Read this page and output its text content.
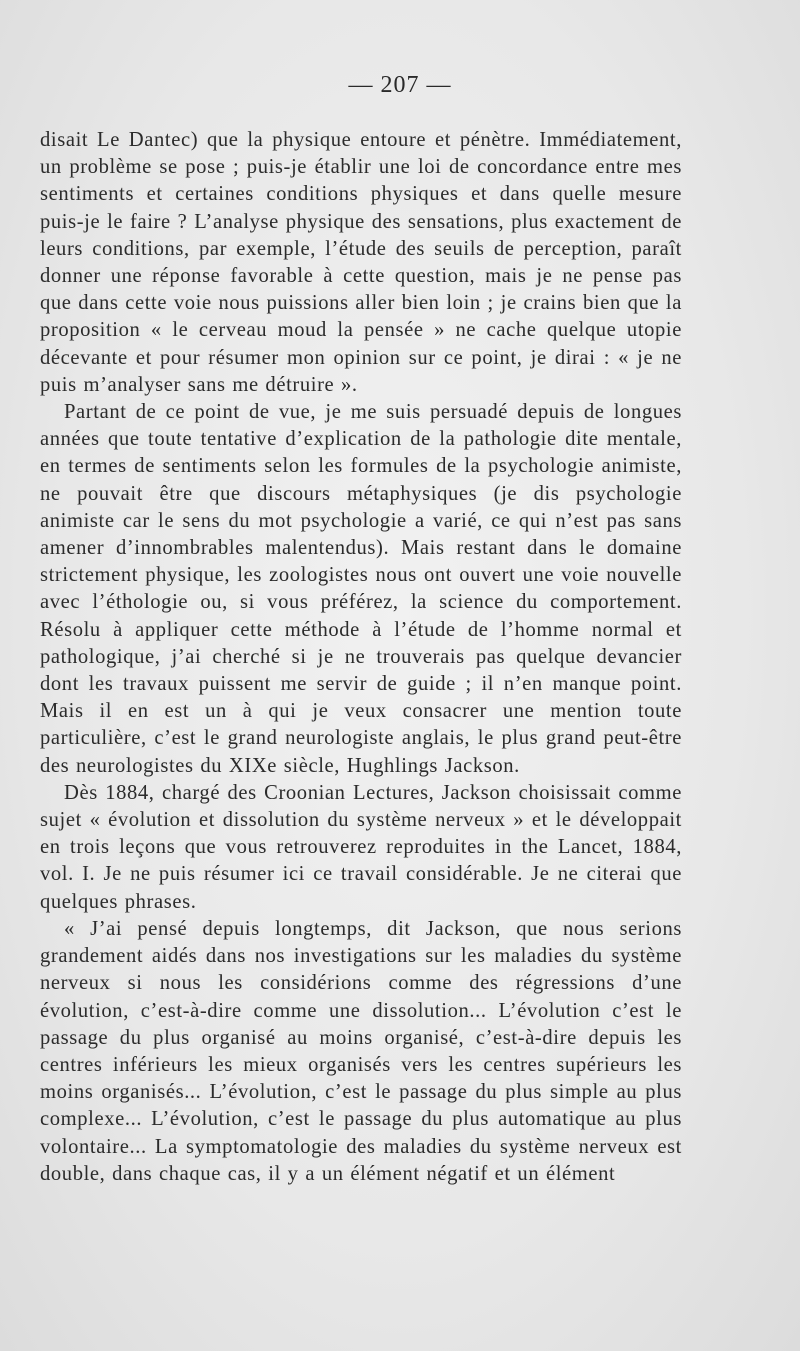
— 207 —

disait Le Dantec) que la physique entoure et pénètre. Immédiatement, un problème se pose ; puis-je établir une loi de concordance entre mes sentiments et certaines conditions physiques et dans quelle mesure puis-je le faire ? L’analyse physique des sensations, plus exactement de leurs conditions, par exemple, l’étude des seuils de perception, paraît donner une réponse favorable à cette question, mais je ne pense pas que dans cette voie nous puissions aller bien loin ; je crains bien que la proposition « le cerveau moud la pensée » ne cache quelque utopie décevante et pour résumer mon opinion sur ce point, je dirai : « je ne puis m’analyser sans me détruire ».

Partant de ce point de vue, je me suis persuadé depuis de longues années que toute tentative d’explication de la pathologie dite mentale, en termes de sentiments selon les formules de la psychologie animiste, ne pouvait être que discours métaphysiques (je dis psychologie animiste car le sens du mot psychologie a varié, ce qui n’est pas sans amener d’innombrables malentendus). Mais restant dans le domaine strictement physique, les zoologistes nous ont ouvert une voie nouvelle avec l’éthologie ou, si vous préférez, la science du comportement. Résolu à appliquer cette méthode à l’étude de l’homme normal et pathologique, j’ai cherché si je ne trouverais pas quelque devancier dont les travaux puissent me servir de guide ; il n’en manque point. Mais il en est un à qui je veux consacrer une mention toute particulière, c’est le grand neurologiste anglais, le plus grand peut-être des neurologistes du XIXe siècle, Hughlings Jackson.

Dès 1884, chargé des Croonian Lectures, Jackson choisissait comme sujet « évolution et dissolution du système nerveux » et le développait en trois leçons que vous retrouverez reproduites in the Lancet, 1884, vol. I. Je ne puis résumer ici ce travail considérable. Je ne citerai que quelques phrases.

« J’ai pensé depuis longtemps, dit Jackson, que nous serions grandement aidés dans nos investigations sur les maladies du système nerveux si nous les considérions comme des régressions d’une évolution, c’est-à-dire comme une dissolution... L’évolution c’est le passage du plus organisé au moins organisé, c’est-à-dire depuis les centres inférieurs les mieux organisés vers les centres supérieurs les moins organisés... L’évolution, c’est le passage du plus simple au plus complexe... L’évolution, c’est le passage du plus automatique au plus volontaire... La symptomatologie des maladies du système nerveux est double, dans chaque cas, il y a un élément négatif et un élément
